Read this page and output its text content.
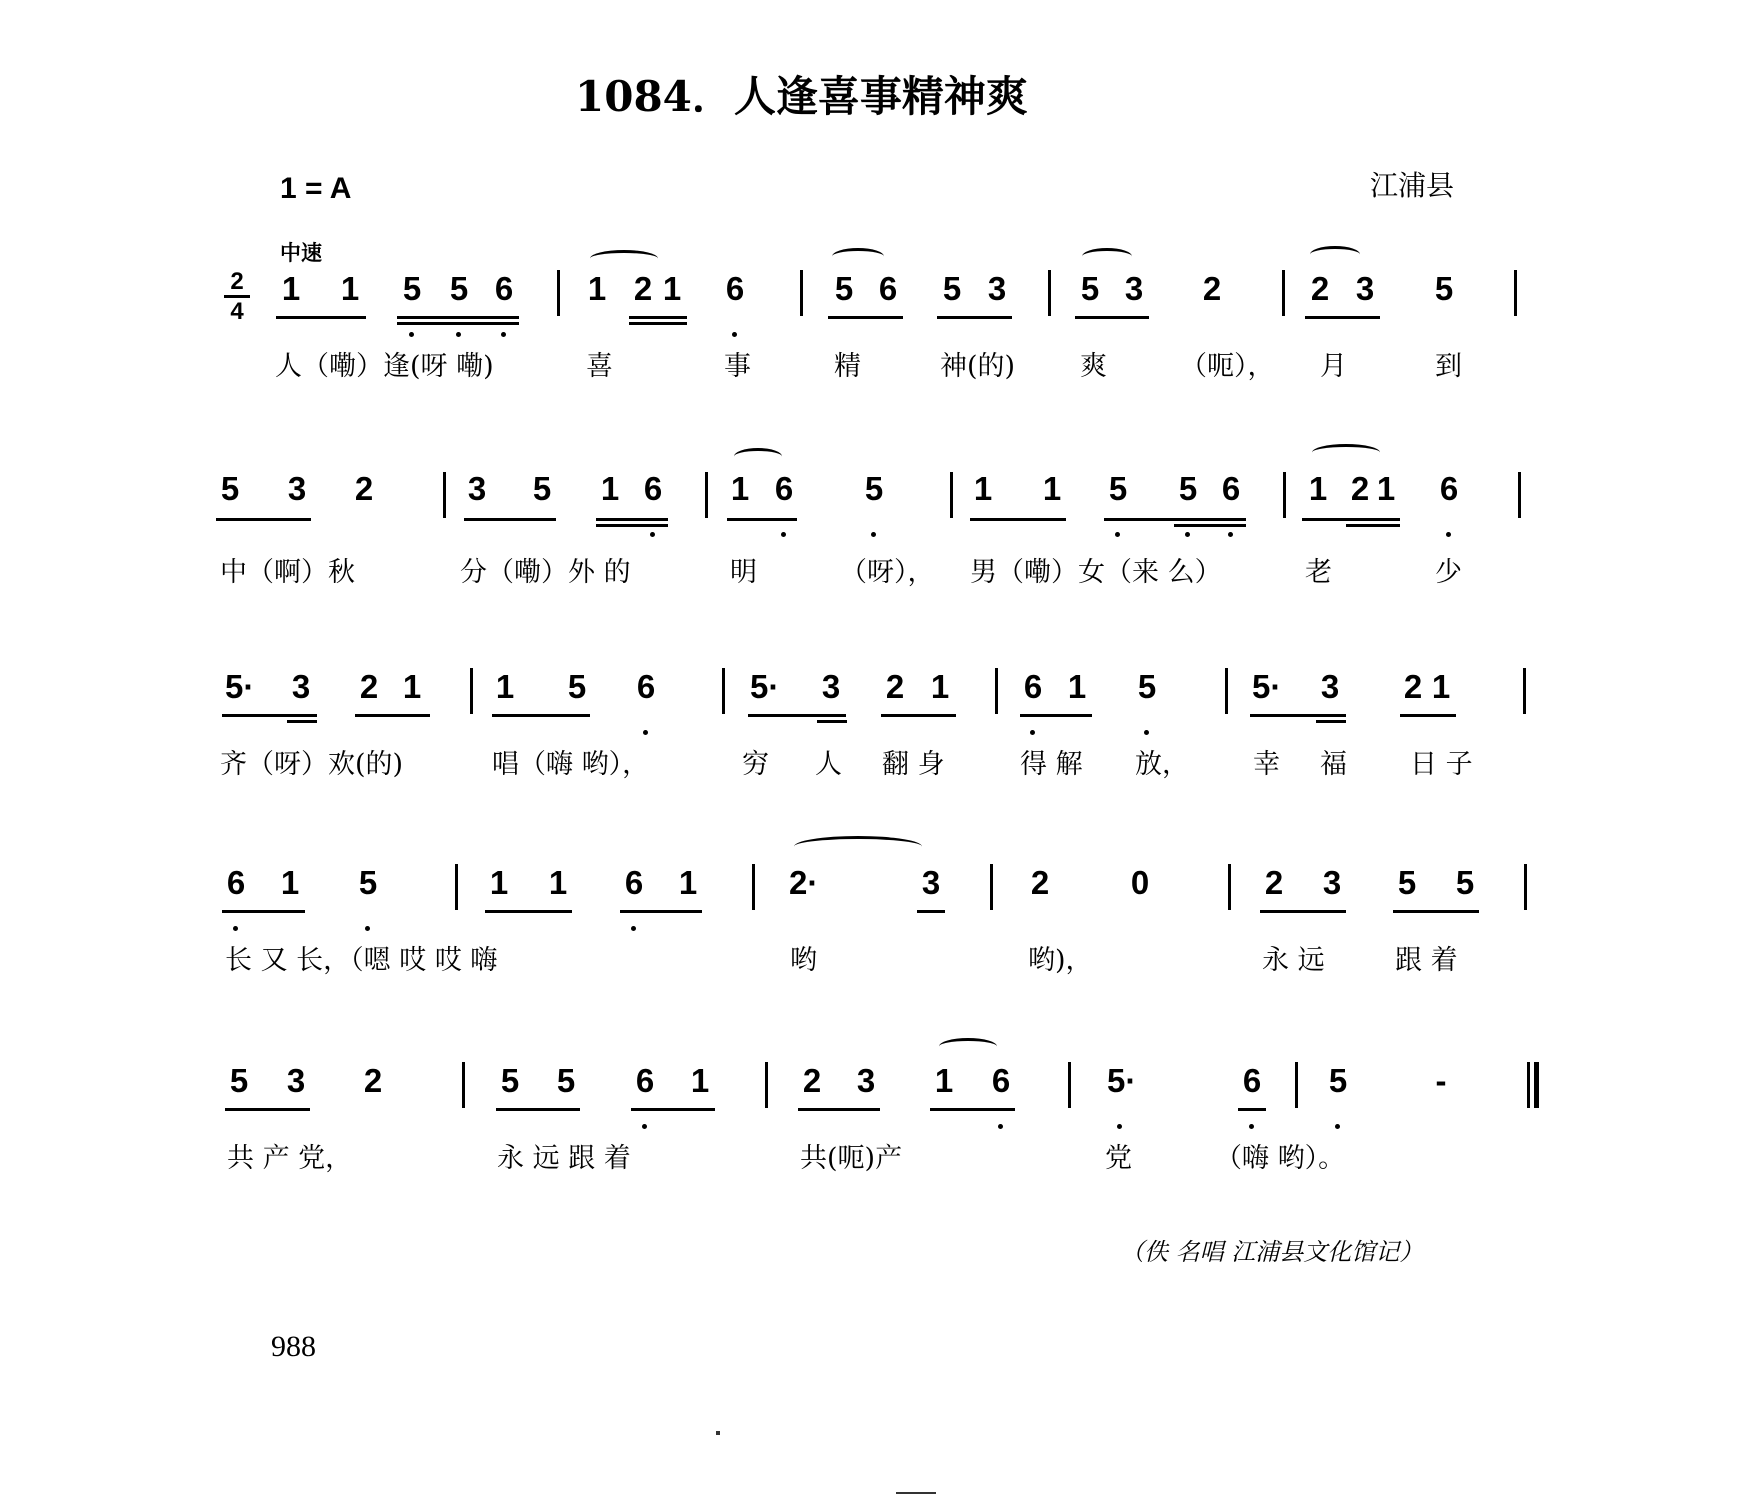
1084．人逢喜事精神爽
1 = A
中速
江浦县
2
4
1 1 5 5 6 1 2 1 6	5 6 5 3 5 3 2	2 3 5
人（嘞）逢(呀 嘞)	喜	事	精	神(的) 爽	（呃）， 月	到
5 3 2	3 5 1 6 1 6 5	1 1 5 5 6 1 2 1 6
中（啊）秋	分（嘞）外 的	明	（呀）， 男（嘞）女（来 么）	老	少
5· 3 2 1 1 5 6	5· 3 2 1 6 1 5	5· 3 2 1
齐（呀）欢(的)	唱（嗨 哟），	穷 人 翻 身	得 解 放， 幸 福 日 子
6 1 5	1 1 6 1	2·	3	2 0	2 3 5 5
长 又 长，（嗯 哎 哎 嗨	哟	哟)，	永 远	跟 着
5 3 2	5 5 6 1	2 3 1 6	5·	6 5	-
共 产 党，	永 远 跟 着	共(呃)产	党	（嗨 哟）。
（佚 名唱 江浦县文化馆记）
988
